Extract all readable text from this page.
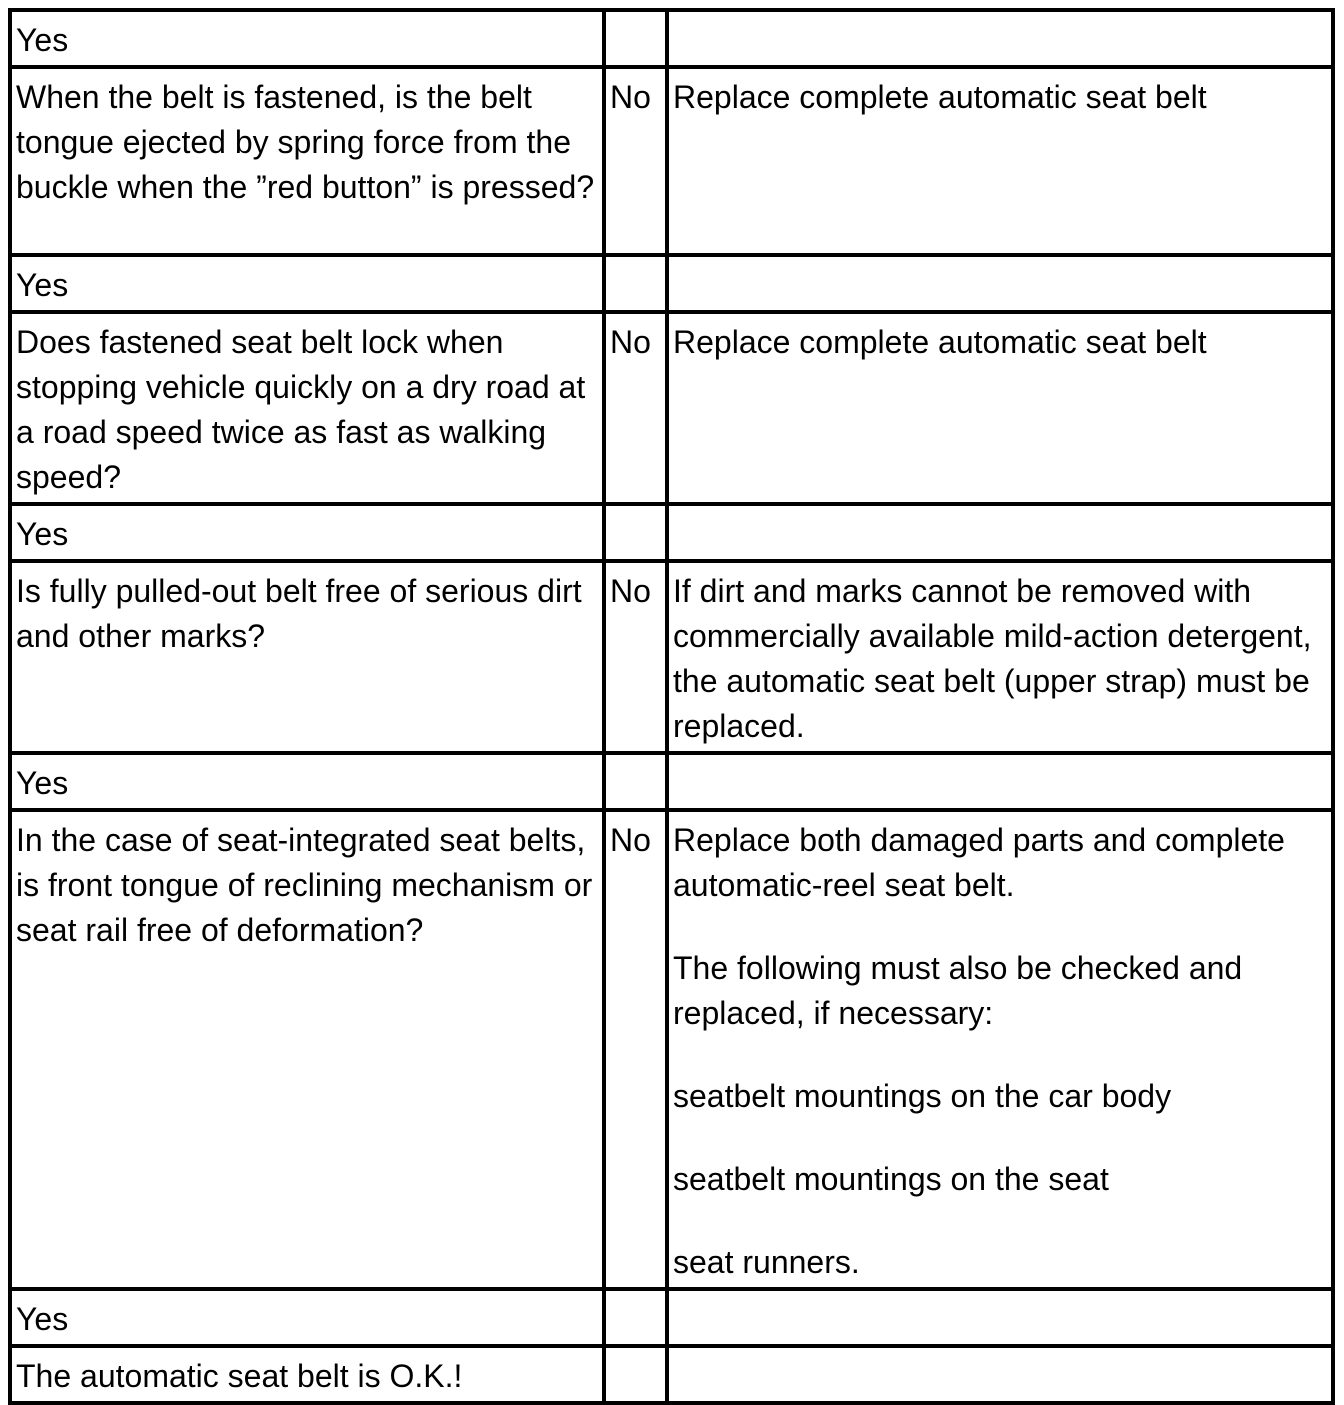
Yes		
When the belt is fastened, is the belt tongue ejected by spring force from the buckle when the ”red button” is pressed?	No	Replace complete automatic seat belt

Yes		
Does fastened seat belt lock when stopping vehicle quickly on a dry road at a road speed twice as fast as walking speed?	No	Replace complete automatic seat belt

Yes		
Is fully pulled-out belt free of serious dirt and other marks?	No	If dirt and marks cannot be removed with commercially available mild-action detergent, the automatic seat belt (upper strap) must be replaced.

Yes		
In the case of seat-integrated seat belts, is front tongue of reclining mechanism or seat rail free of deformation?	No	Replace both damaged parts and complete automatic-reel seat belt.
The following must also be checked and replaced, if necessary:
seatbelt mountings on the car body
seatbelt mountings on the seat
seat runners.

Yes		
The automatic seat belt is O.K.!		
